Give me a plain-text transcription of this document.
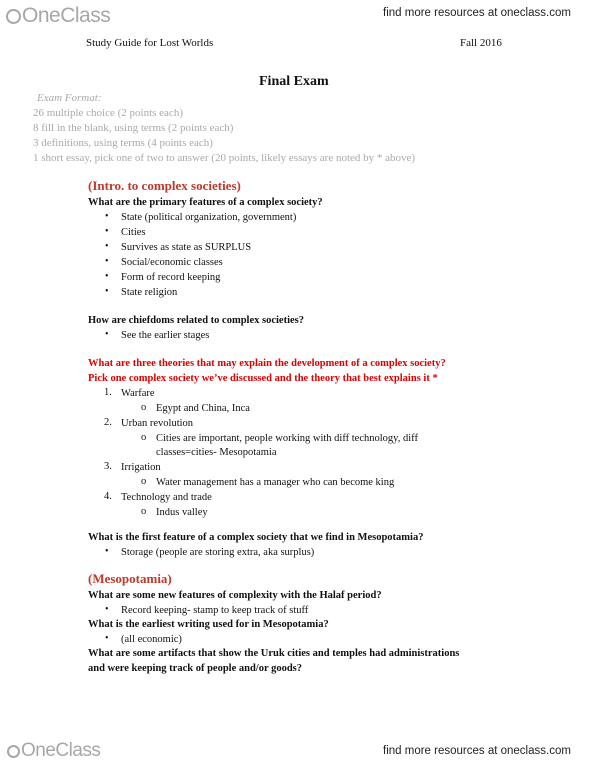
OneClass	find more resources at oneclass.com
Study Guide for Lost Worlds	Fall 2016
Final Exam
Exam Format:
26 multiple choice (2 points each)
8 fill in the blank, using terms (2 points each)
3 definitions, using terms (4 points each)
1 short essay, pick one of two to answer (20 points, likely essays are noted by * above)
(Intro. to complex societies)
What are the primary features of a complex society?
• State (political organization, government)
• Cities
• Survives as state as SURPLUS
• Social/economic classes
• Form of record keeping
• State religion
How are chiefdoms related to complex societies?
• See the earlier stages
What are three theories that may explain the development of a complex society?
Pick one complex society we’ve discussed and the theory that best explains it *
1. Warfare
o Egypt and China, Inca
2. Urban revolution
o Cities are important, people working with diff technology, diff
classes=cities- Mesopotamia
3. Irrigation
o Water management has a manager who can become king
4. Technology and trade
o Indus valley
What is the first feature of a complex society that we find in Mesopotamia?
• Storage (people are storing extra, aka surplus)
(Mesopotamia)
What are some new features of complexity with the Halaf period?
• Record keeping- stamp to keep track of stuff
What is the earliest writing used for in Mesopotamia?
• (all economic)
What are some artifacts that show the Uruk cities and temples had administrations
and were keeping track of people and/or goods?
OneClass	find more resources at oneclass.com
